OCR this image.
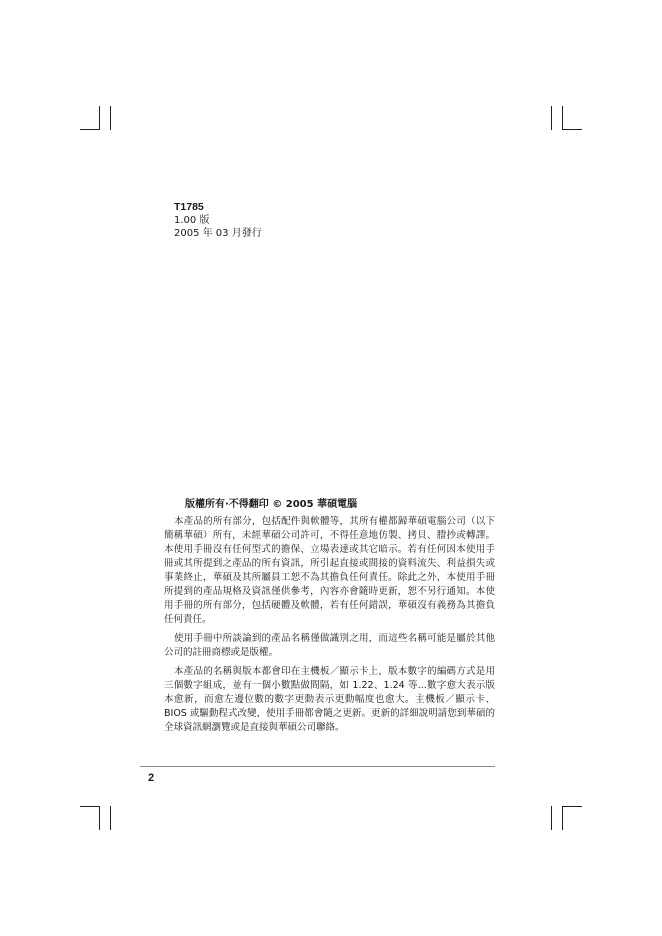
T1785
1.00 版
2005 年 03 月發行
版權所有·不得翻印 © 2005 華碩電腦

本產品的所有部分，包括配件與軟體等，其所有權都歸華碩電腦公司（以下簡稱華碩）所有，未經華碩公司許可，不得任意地仿製、拷貝、謄抄或轉譯。本使用手冊沒有任何型式的擔保、立場表達或其它暗示。若有任何因本使用手冊或其所提到之產品的所有資訊，所引起直接或間接的資料流失、利益損失或事業終止，華碩及其所屬員工恕不為其擔負任何責任。除此之外，本使用手冊所提到的產品規格及資訊僅供參考，內容亦會隨時更新，恕不另行通知。本使用手冊的所有部分，包括硬體及軟體，若有任何錯誤，華碩沒有義務為其擔負任何責任。

使用手冊中所談論到的產品名稱僅做識別之用，而這些名稱可能是屬於其他公司的註冊商標或是版權。

本產品的名稱與版本都會印在主機板／顯示卡上，版本數字的編碼方式是用三個數字組成，並有一個小數點做間隔，如 1.22、1.24 等...數字愈大表示版本愈新，而愈左邊位數的數字更動表示更動幅度也愈大。主機板／顯示卡、BIOS 或驅動程式改變，使用手冊都會隨之更新。更新的詳細說明請您到華碩的全球資訊網瀏覽或是直接與華碩公司聯絡。

2
